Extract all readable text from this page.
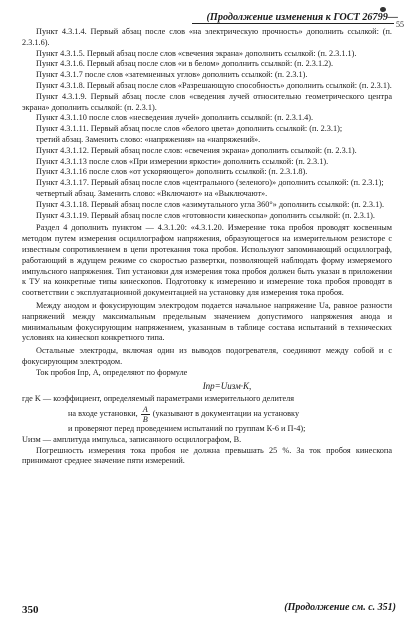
(Продолжение изменения к ГОСТ 26799—
55

Пункт 4.3.1.4. Первый абзац после слов «на электрическую прочность» дополнить ссылкой: (п. 2.3.1.6).

Пункт 4.3.1.5. Первый абзац после слов «свечения экрана» дополнить ссылкой: (п. 2.3.1.1).

Пункт 4.3.1.6. Первый абзац после слов «и в белом» дополнить ссылкой: (п. 2.3.1.2).

Пункт 4.3.1.7 после слов «затемненных углов» дополнить ссылкой: (п. 2.3.1).

Пункт 4.3.1.8. Первый абзац после слов «Разрешающую способность» дополнить ссылкой: (п. 2.3.1).

Пункт 4.3.1.9. Первый абзац после слов «сведения лучей относительно геометрического центра экрана» дополнить ссылкой: (п. 2.3.1).

Пункт 4.3.1.10 после слов «несведения лучей» дополнить ссылкой: (п. 2.3.1.4).

Пункт 4.3.1.11. Первый абзац после слов «белого цвета» дополнить ссылкой: (п. 2.3.1);

третий абзац. Заменить слово: «напряжения» на «напряжений».

Пункт 4.3.1.12. Первый абзац после слов: «свечения экрана» дополнить ссылкой: (п. 2.3.1).

Пункт 4.3.1.13 после слов «При измерении яркости» дополнить ссылкой: (п. 2.3.1).

Пункт 4.3.1.16 после слов «от ускоряющего» дополнить ссылкой: (п. 2.3.1.8).

Пункт 4.3.1.17. Первый абзац после слов «центрального (зеленого)» дополнить ссылкой: (п. 2.3.1);

четвертый абзац. Заменить слово: «Включают» на «Выключают».

Пункт 4.3.1.18. Первый абзац после слов «азимутального угла 360°» дополнить ссылкой: (п. 2.3.1).

Пункт 4.3.1.19. Первый абзац после слов «готовности кинескопа» дополнить ссылкой: (п. 2.3.1).

Раздел 4 дополнить пунктом — 4.3.1.20: «4.3.1.20. Измерение тока пробоя проводят косвенным методом путем измерения осциллографом напряжения, образующегося на измерительном резисторе с известным сопротивлением в цепи протекания тока пробоя. Используют запоминающий осциллограф, работающий в ждущем режиме со скоростью развертки, позволяющей наблюдать форму измеряемого импульсного напряжения. Тип установки для измерения тока пробоя должен быть указан в приложении к ТУ на конкретные типы кинескопов. Подготовку к измерению и измерение тока пробоя проводят в соответствии с эксплуатационной документацией на установку для измерения тока пробоя.

Между анодом и фокусирующим электродом подается начальное напряжение Uа, равное разности напряжений между максимальным предельным значением допустимого напряжения анода и минимальным фокусирующим напряжением, указанным в таблице состава испытаний в технических условиях на кинескоп конкретного типа.

Остальные электроды, включая один из выводов подогревателя, соединяют между собой и с фокусирующим электродом.

Ток пробоя Iпр, А, определяют по формуле

Iпр=Uизм·K,

где K — коэффициент, определяемый параметрами измерительного делителя

на входе установки, $\frac{A}{B}$ (указывают в документации на установку

и проверяют перед проведением испытаний по группам К-6 и П-4);

Uизм — амплитуда импульса, записанного осциллографом, В.

Погрешность измерения тока пробоя не должна превышать 25 %. За ток пробоя кинескопа принимают среднее значение пяти измерений.

350	(Продолжение см. с. 351)
